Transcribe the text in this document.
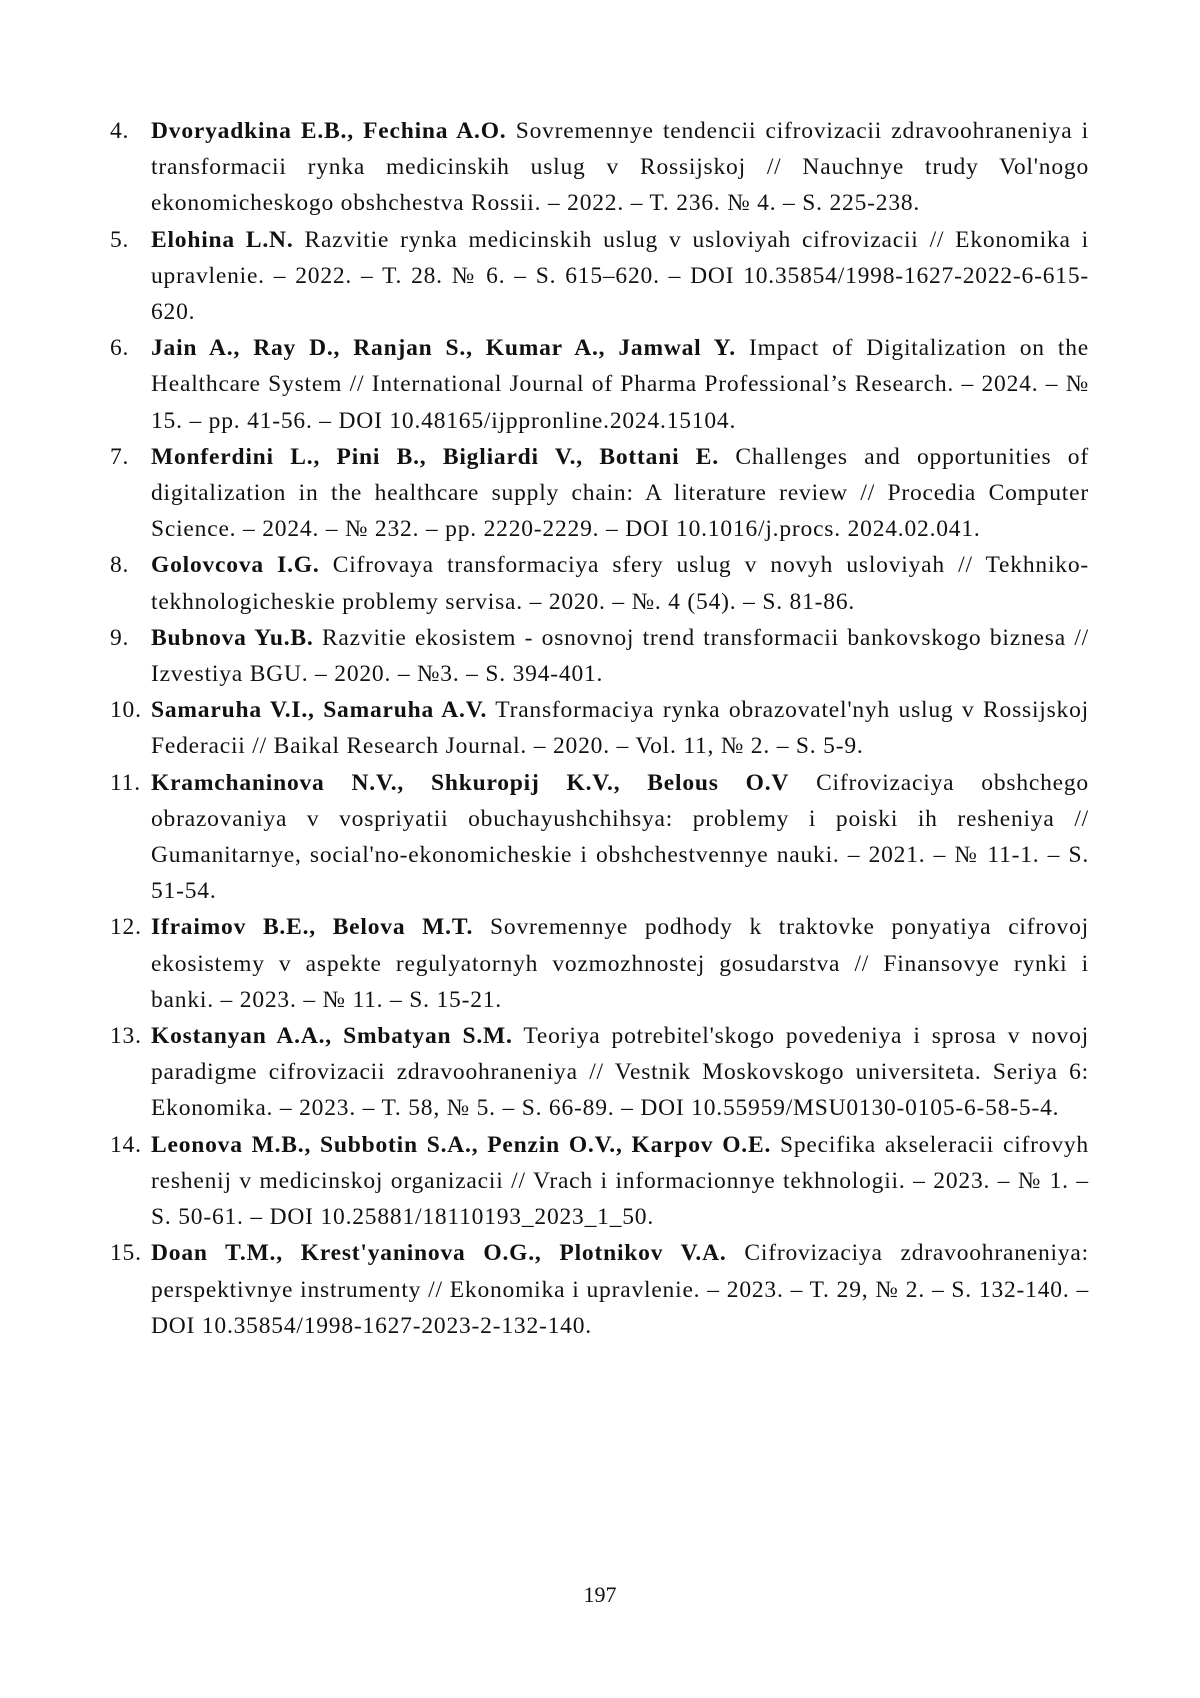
4. Dvoryadkina E.B., Fechina A.O. Sovremennye tendencii cifrovizacii zdravoohraneniya i transformacii rynka medicinskih uslug v Rossijskoj // Nauchnye trudy Vol'nogo ekonomicheskogo obshchestva Rossii. – 2022. – T. 236. № 4. – S. 225-238.
5. Elohina L.N. Razvitie rynka medicinskih uslug v usloviyah cifrovizacii // Ekonomika i upravlenie. – 2022. – T. 28. № 6. – S. 615–620. – DOI 10.35854/1998-1627-2022-6-615-620.
6. Jain A., Ray D., Ranjan S., Kumar A., Jamwal Y. Impact of Digitalization on the Healthcare System // International Journal of Pharma Professional’s Research. – 2024. – № 15. – pp. 41-56. – DOI 10.48165/ijppronline.2024.15104.
7. Monferdini L., Pini B., Bigliardi V., Bottani E. Challenges and opportunities of digitalization in the healthcare supply chain: A literature review // Procedia Computer Science. – 2024. – № 232. – pp. 2220-2229. – DOI 10.1016/j.procs. 2024.02.041.
8. Golovcova I.G. Cifrovaya transformaciya sfery uslug v novyh usloviyah // Tekhniko-tekhnologicheskie problemy servisa. – 2020. – №. 4 (54). – S. 81-86.
9. Bubnova Yu.B. Razvitie ekosistem - osnovnoj trend transformacii bankovskogo biznesa // Izvestiya BGU. – 2020. – №3. – S. 394-401.
10. Samaruha V.I., Samaruha A.V. Transformaciya rynka obrazovatel'nyh uslug v Rossijskoj Federacii // Baikal Research Journal. – 2020. – Vol. 11, № 2. – S. 5-9.
11. Kramchaninova N.V., Shkuropij K.V., Belous O.V Cifrovizaciya obshchego obrazovaniya v vospriyatii obuchayushchihsya: problemy i poiski ih resheniya // Gumanitarnye, social'no-ekonomicheskie i obshchestvennye nauki. – 2021. – № 11-1. – S. 51-54.
12. Ifraimov B.E., Belova M.T. Sovremennye podhody k traktovke ponyatiya cifrovoj ekosistemy v aspekte regulyatornyh vozmozhnostej gosudarstva // Finansovye rynki i banki. – 2023. – № 11. – S. 15-21.
13. Kostanyan A.A., Smbatyan S.M. Teoriya potrebitel'skogo povedeniya i sprosa v novoj paradigme cifrovizacii zdravoohraneniya // Vestnik Moskovskogo universiteta. Seriya 6: Ekonomika. – 2023. – T. 58, № 5. – S. 66-89. – DOI 10.55959/MSU0130-0105-6-58-5-4.
14. Leonova M.B., Subbotin S.A., Penzin O.V., Karpov O.E. Specifika akseleracii cifrovyh reshenij v medicinskoj organizacii // Vrach i informacionnye tekhnologii. – 2023. – № 1. – S. 50-61. – DOI 10.25881/18110193_2023_1_50.
15. Doan T.M., Krest'yaninova O.G., Plotnikov V.A. Cifrovizaciya zdravoohraneniya: perspektivnye instrumenty // Ekonomika i upravlenie. – 2023. – T. 29, № 2. – S. 132-140. – DOI 10.35854/1998-1627-2023-2-132-140.
197
